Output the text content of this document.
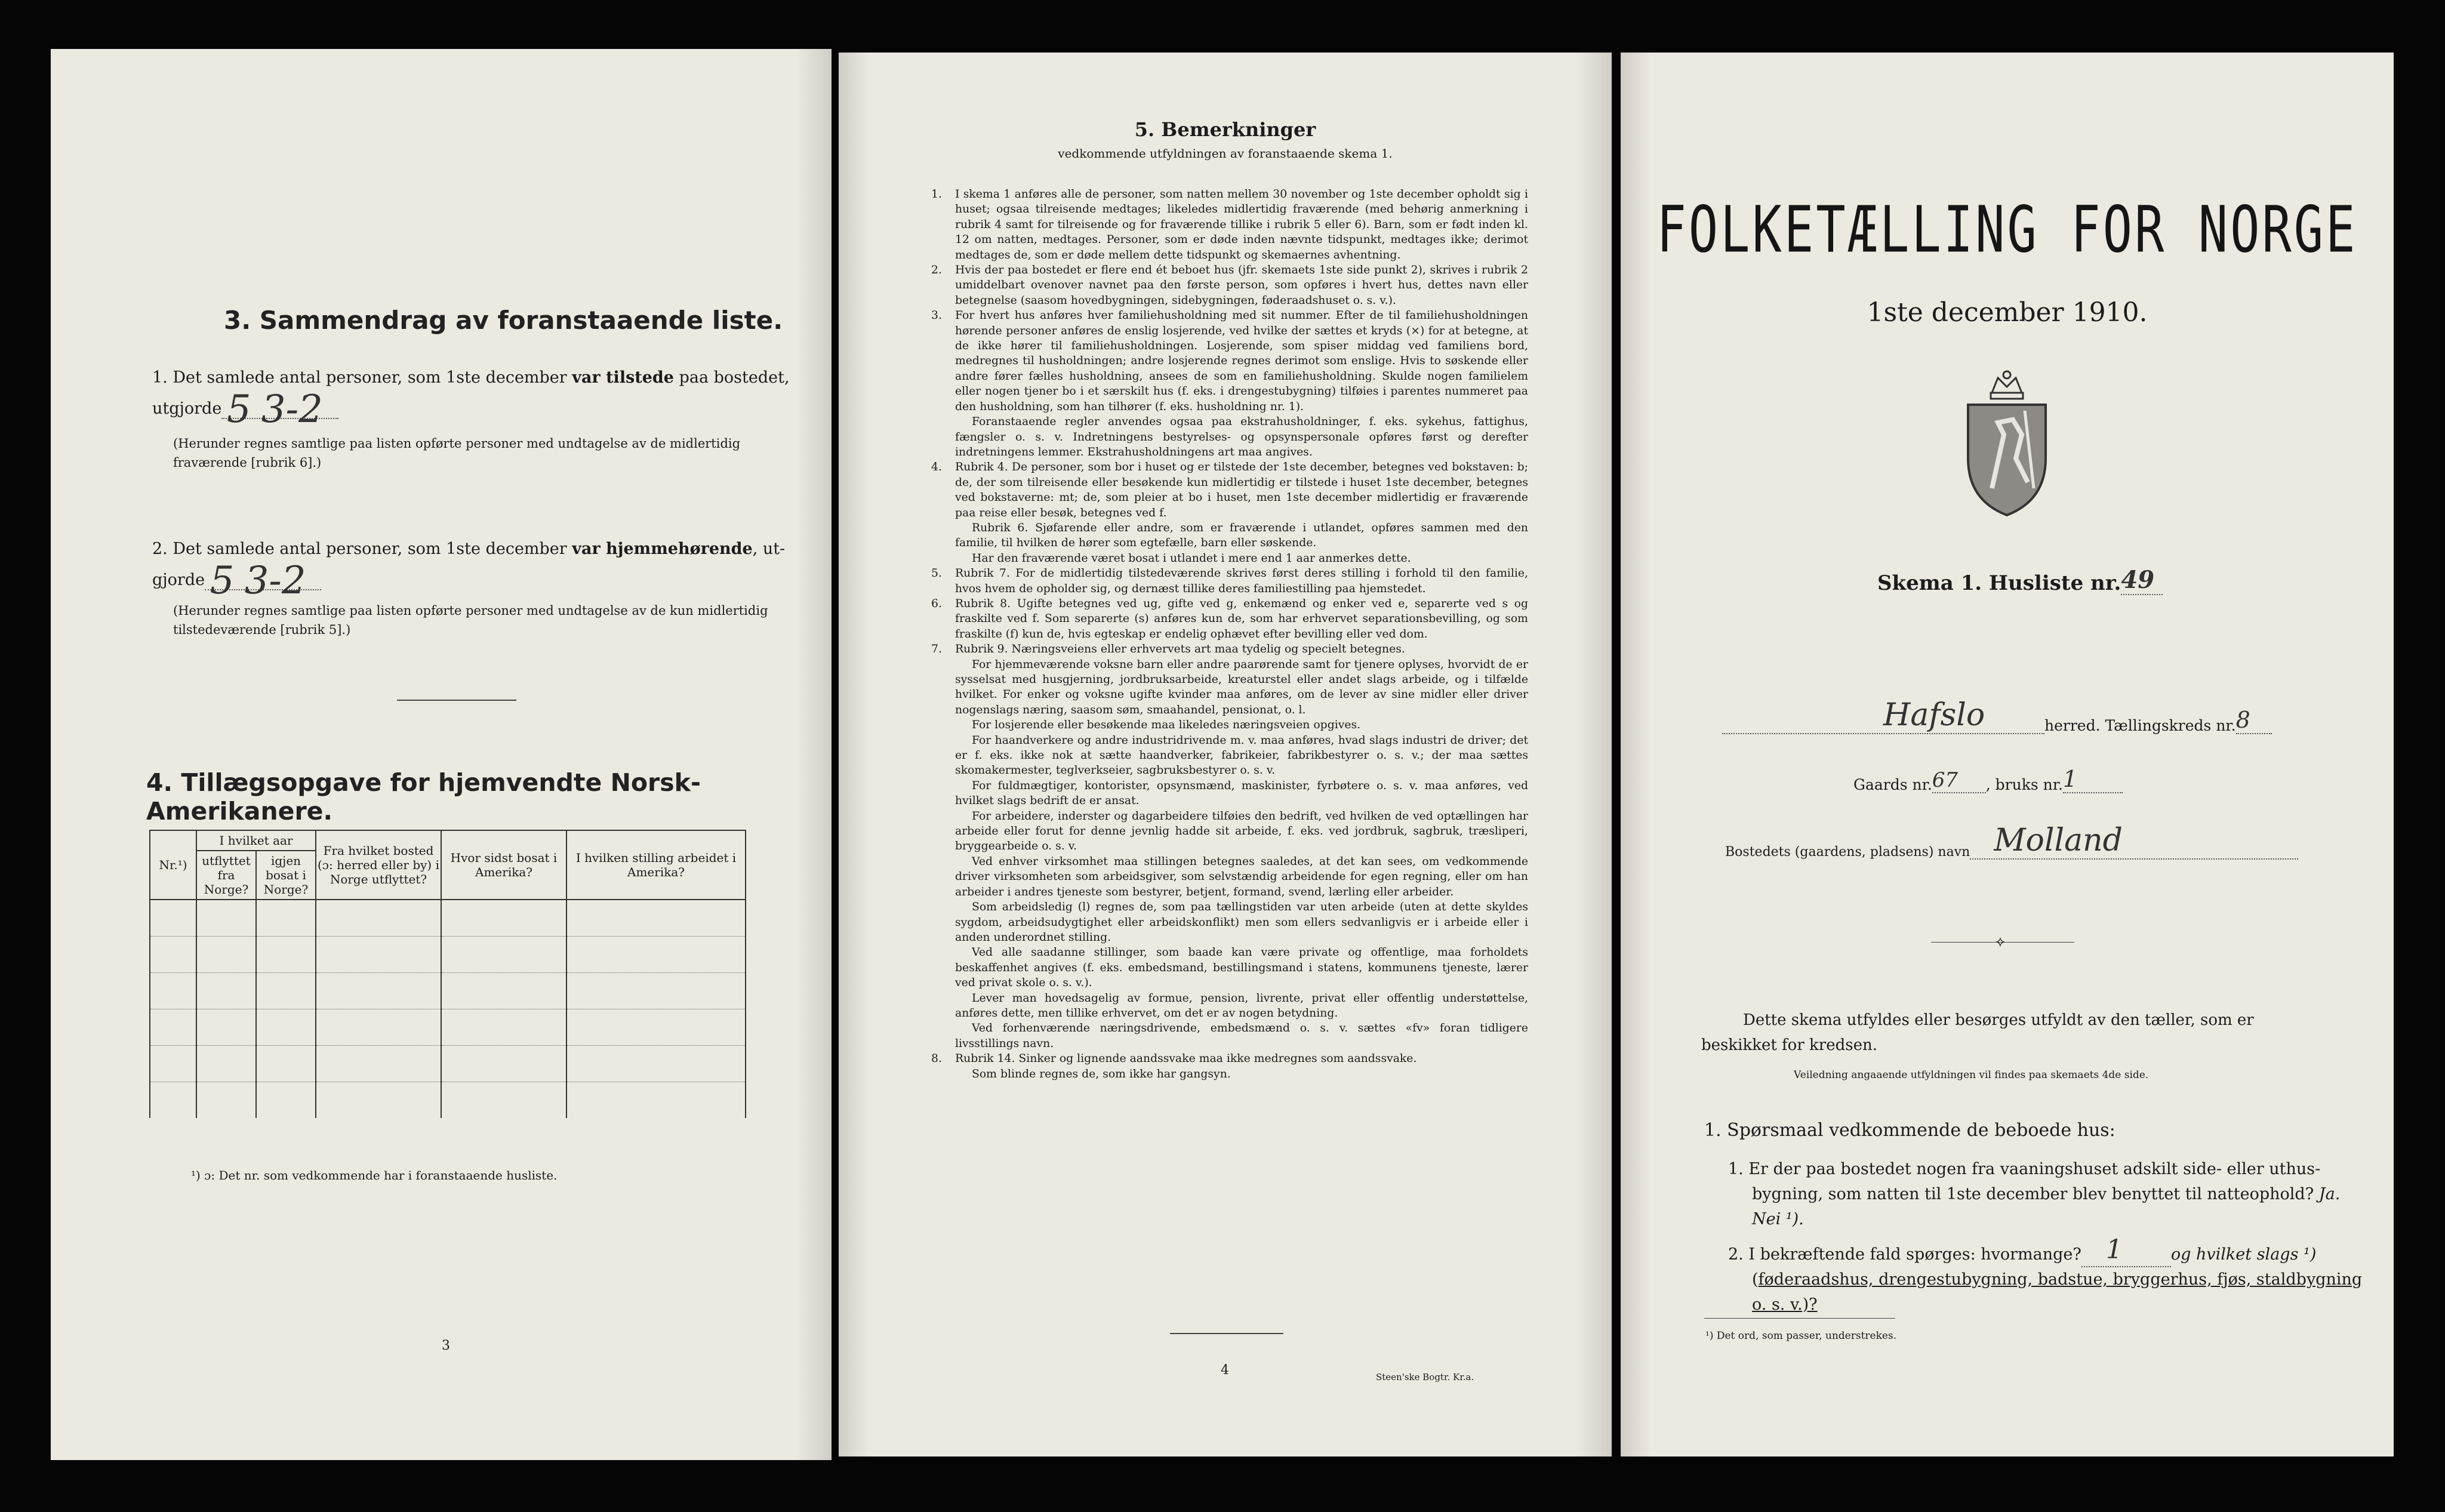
3. Sammendrag av foranstaaende liste.
1. Det samlede antal personer, som 1ste december var tilstede paa bostedet,
utgjorde 5 3-2
(Herunder regnes samtlige paa listen opførte personer med undtagelse av de midlertidig fraværende [rubrik 6].)
2. Det samlede antal personer, som 1ste december var hjemmehørende, ut-
gjorde 5 3-2
(Herunder regnes samtlige paa listen opførte personer med undtagelse av de kun midlertidig tilstedeværende [rubrik 5].)
4. Tillægsopgave for hjemvendte Norsk-Amerikanere.
Nr.¹)	I hvilket aar		Fra hvilket bosted (ɔ: herred eller by) i Norge utflyttet?	Hvor sidst bosat i Amerika?	I hvilken stilling arbeidet i Amerika?
	utflyttet fra Norge?	igjen bosat i Norge?			

¹) ɔ: Det nr. som vedkommende har i foranstaaende husliste.
3
5. Bemerkninger
vedkommende utfyldningen av foranstaaende skema 1.
1. I skema 1 anføres alle de personer, som natten mellem 30 november og 1ste december opholdt sig i huset; ogsaa tilreisende medtages; likeledes midlertidig fraværende (med behørig anmerkning i rubrik 4 samt for tilreisende og for fraværende tillike i rubrik 5 eller 6). Barn, som er født inden kl. 12 om natten, medtages. Personer, som er døde inden nævnte tidspunkt, medtages ikke; derimot medtages de, som er døde mellem dette tidspunkt og skemaernes avhentning.
2. Hvis der paa bostedet er flere end ét beboet hus (jfr. skemaets 1ste side punkt 2), skrives i rubrik 2 umiddelbart ovenover navnet paa den første person, som opføres i hvert hus, dettes navn eller betegnelse (saasom hovedbygningen, sidebygningen, føderaadshuset o. s. v.).
3. For hvert hus anføres hver familiehusholdning med sit nummer. Efter de til familiehusholdningen hørende personer anføres de enslig losjerende, ved hvilke der sættes et kryds (×) for at betegne, at de ikke hører til familiehusholdningen. Losjerende, som spiser middag ved familiens bord, medregnes til husholdningen; andre losjerende regnes derimot som enslige. Hvis to søskende eller andre fører fælles husholdning, ansees de som en familiehusholdning. Skulde nogen familielem eller nogen tjener bo i et særskilt hus (f. eks. i drengestubygning) tilføies i parentes nummeret paa den husholdning, som han tilhører (f. eks. husholdning nr. 1).
Foranstaaende regler anvendes ogsaa paa ekstrahusholdninger, f. eks. sykehus, fattighus, fængsler o. s. v. Indretningens bestyrelses- og opsynspersonale opføres først og derefter indretningens lemmer. Ekstrahusholdningens art maa angives.
4. Rubrik 4. De personer, som bor i huset og er tilstede der 1ste december, betegnes ved bokstaven: b; de, der som tilreisende eller besøkende kun midlertidig er tilstede i huset 1ste december, betegnes ved bokstaverne: mt; de, som pleier at bo i huset, men 1ste december midlertidig er fraværende paa reise eller besøk, betegnes ved f.
Rubrik 6. Sjøfarende eller andre, som er fraværende i utlandet, opføres sammen med den familie, til hvilken de hører som egtefælle, barn eller søskende.
Har den fraværende været bosat i utlandet i mere end 1 aar anmerkes dette.
5. Rubrik 7. For de midlertidig tilstedeværende skrives først deres stilling i forhold til den familie, hvos hvem de opholder sig, og dernæst tillike deres familiestilling paa hjemstedet.
6. Rubrik 8. Ugifte betegnes ved ug, gifte ved g, enkemænd og enker ved e, separerte ved s og fraskilte ved f. Som separerte (s) anføres kun de, som har erhvervet separationsbevilling, og som fraskilte (f) kun de, hvis egteskap er endelig ophævet efter bevilling eller ved dom.
7. Rubrik 9. Næringsveiens eller erhvervets art maa tydelig og specielt betegnes.
For hjemmeværende voksne barn eller andre paarørende samt for tjenere oplyses, hvorvidt de er sysselsat med husgjerning, jordbruksarbeide, kreaturstel eller andet slags arbeide, og i tilfælde hvilket. For enker og voksne ugifte kvinder maa anføres, om de lever av sine midler eller driver nogenslags næring, saasom søm, smaahandel, pensionat, o. l.
For losjerende eller besøkende maa likeledes næringsveien opgives.
For haandverkere og andre industridrivende m. v. maa anføres, hvad slags industri de driver; det er f. eks. ikke nok at sætte haandverker, fabrikeier, fabrikbestyrer o. s. v.; der maa sættes skomakermester, teglverkseier, sagbruksbestyrer o. s. v.
For fuldmægtiger, kontorister, opsynsmænd, maskinister, fyrbøtere o. s. v. maa anføres, ved hvilket slags bedrift de er ansat.
For arbeidere, inderster og dagarbeidere tilføies den bedrift, ved hvilken de ved optællingen har arbeide eller forut for denne jevnlig hadde sit arbeide, f. eks. ved jordbruk, sagbruk, træsliperi, bryggearbeide o. s. v.
Ved enhver virksomhet maa stillingen betegnes saaledes, at det kan sees, om vedkommende driver virksomheten som arbeidsgiver, som selvstændig arbeidende for egen regning, eller om han arbeider i andres tjeneste som bestyrer, betjent, formand, svend, lærling eller arbeider.
Som arbeidsledig (l) regnes de, som paa tællingstiden var uten arbeide (uten at dette skyldes sygdom, arbeidsudygtighet eller arbeidskonflikt) men som ellers sedvanligvis er i arbeide eller i anden underordnet stilling.
Ved alle saadanne stillinger, som baade kan være private og offentlige, maa forholdets beskaffenhet angives (f. eks. embedsmand, bestillingsmand i statens, kommunens tjeneste, lærer ved privat skole o. s. v.).
Lever man hovedsagelig av formue, pension, livrente, privat eller offentlig understøttelse, anføres dette, men tillike erhvervet, om det er av nogen betydning.
Ved forhenværende næringsdrivende, embedsmænd o. s. v. sættes «fv» foran tidligere livsstillings navn.
8. Rubrik 14. Sinker og lignende aandssvake maa ikke medregnes som aandssvake.
Som blinde regnes de, som ikke har gangsyn.
4	Steen'ske Bogtr. Kr.a.
FOLKETÆLLING FOR NORGE
1ste december 1910.
Skema 1. Husliste nr.49
Hafslo	herred. Tællingskreds nr.8
Gaards nr.67 , bruks nr.1
Bostedets (gaardens, pladsens) navn Molland
⟡
Dette skema utfyldes eller besørges utfyldt av den tæller, som er beskikket for kredsen.
Veiledning angaaende utfyldningen vil findes paa skemaets 4de side.
1. Spørsmaal vedkommende de beboede hus:
1. Er der paa bostedet nogen fra vaaningshuset adskilt side- eller uthus-bygning, som natten til 1ste december blev benyttet til natteophold? Ja. Nei ¹).
2. I bekræftende fald spørges: hvormange? 1	og hvilket slags ¹) (føderaadshus, drengestubygning, badstue, bryggerhus, fjøs, staldbygning o. s. v.)?
¹) Det ord, som passer, understrekes.
